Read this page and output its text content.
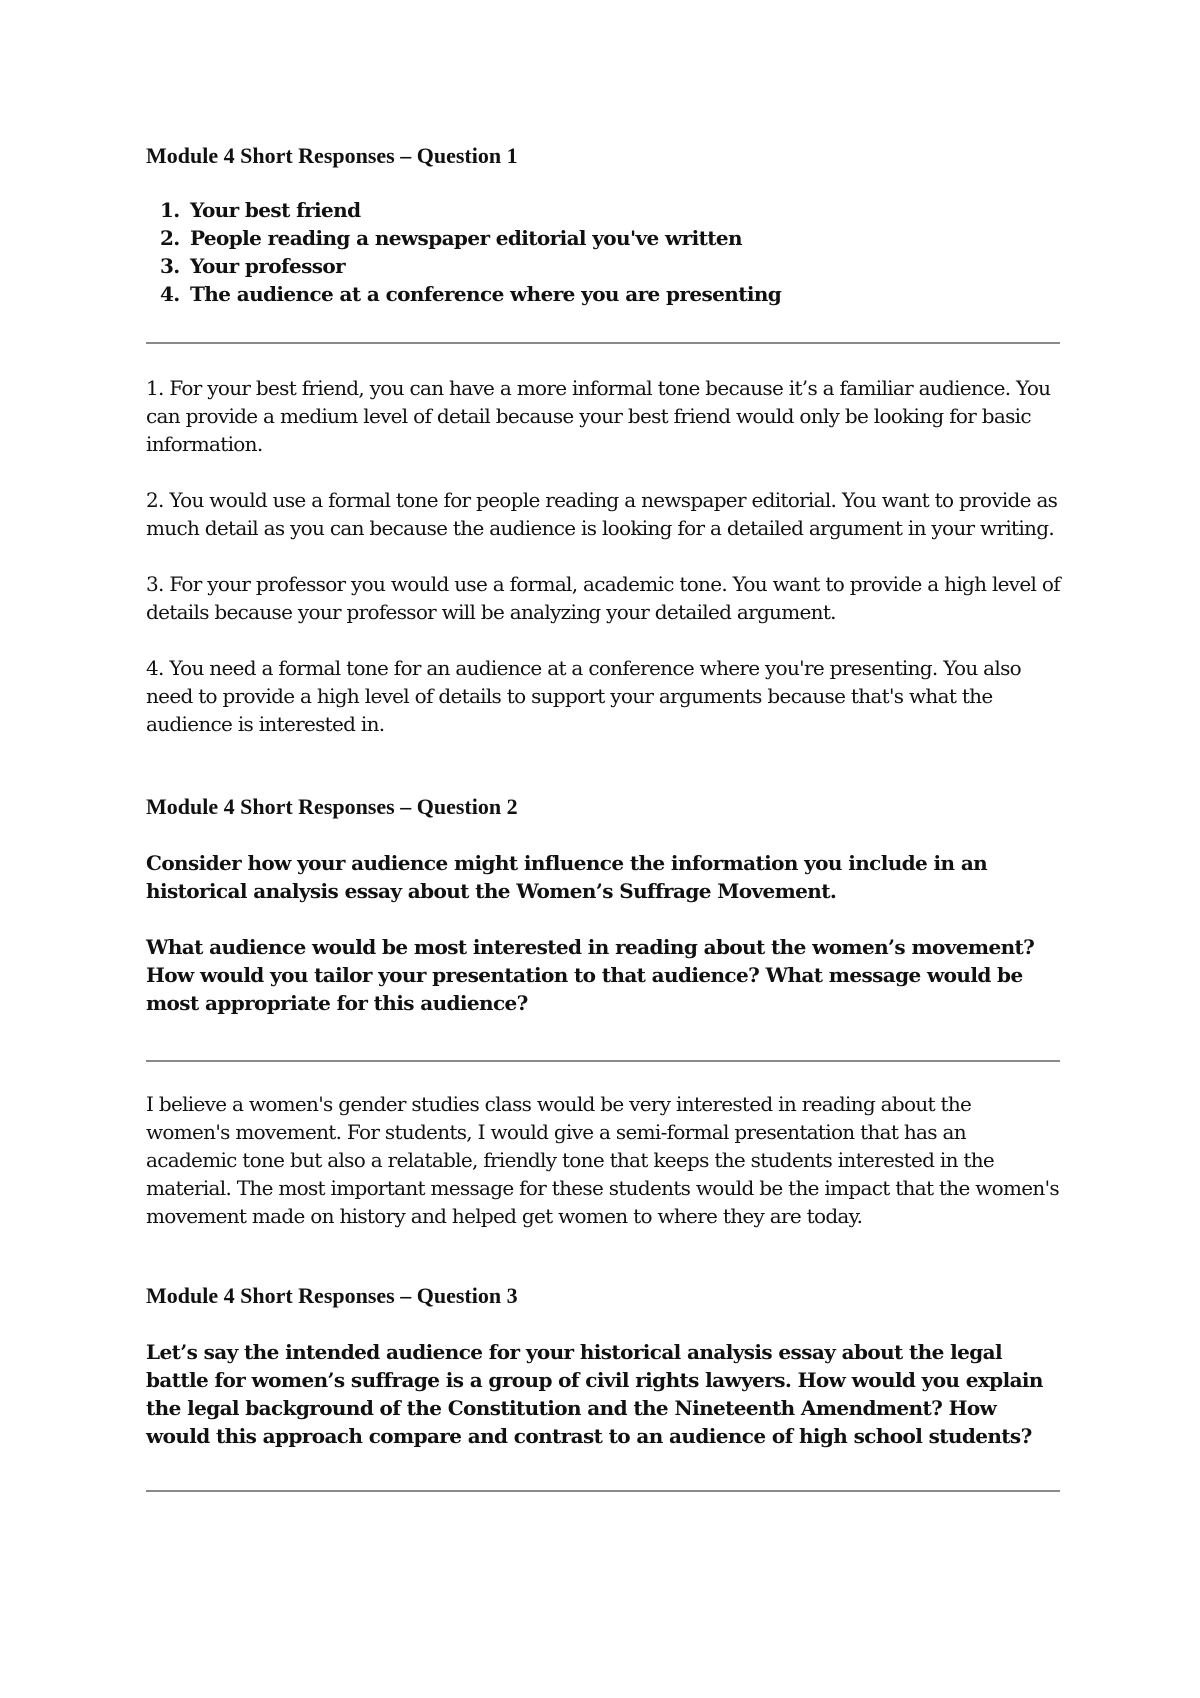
Module 4 Short Responses – Question 1
1. Your best friend
2. People reading a newspaper editorial you've written
3. Your professor
4. The audience at a conference where you are presenting

1. For your best friend, you can have a more informal tone because it’s a familiar audience. You can provide a medium level of detail because your best friend would only be looking for basic information.

2. You would use a formal tone for people reading a newspaper editorial. You want to provide as much detail as you can because the audience is looking for a detailed argument in your writing.

3. For your professor you would use a formal, academic tone. You want to provide a high level of details because your professor will be analyzing your detailed argument.

4. You need a formal tone for an audience at a conference where you're presenting. You also need to provide a high level of details to support your arguments because that's what the audience is interested in.

Module 4 Short Responses – Question 2

Consider how your audience might influence the information you include in an historical analysis essay about the Women’s Suffrage Movement.

What audience would be most interested in reading about the women’s movement? How would you tailor your presentation to that audience? What message would be most appropriate for this audience?

I believe a women's gender studies class would be very interested in reading about the women's movement. For students, I would give a semi-formal presentation that has an academic tone but also a relatable, friendly tone that keeps the students interested in the material. The most important message for these students would be the impact that the women's movement made on history and helped get women to where they are today.

Module 4 Short Responses – Question 3

Let’s say the intended audience for your historical analysis essay about the legal battle for women’s suffrage is a group of civil rights lawyers. How would you explain the legal background of the Constitution and the Nineteenth Amendment? How would this approach compare and contrast to an audience of high school students?
